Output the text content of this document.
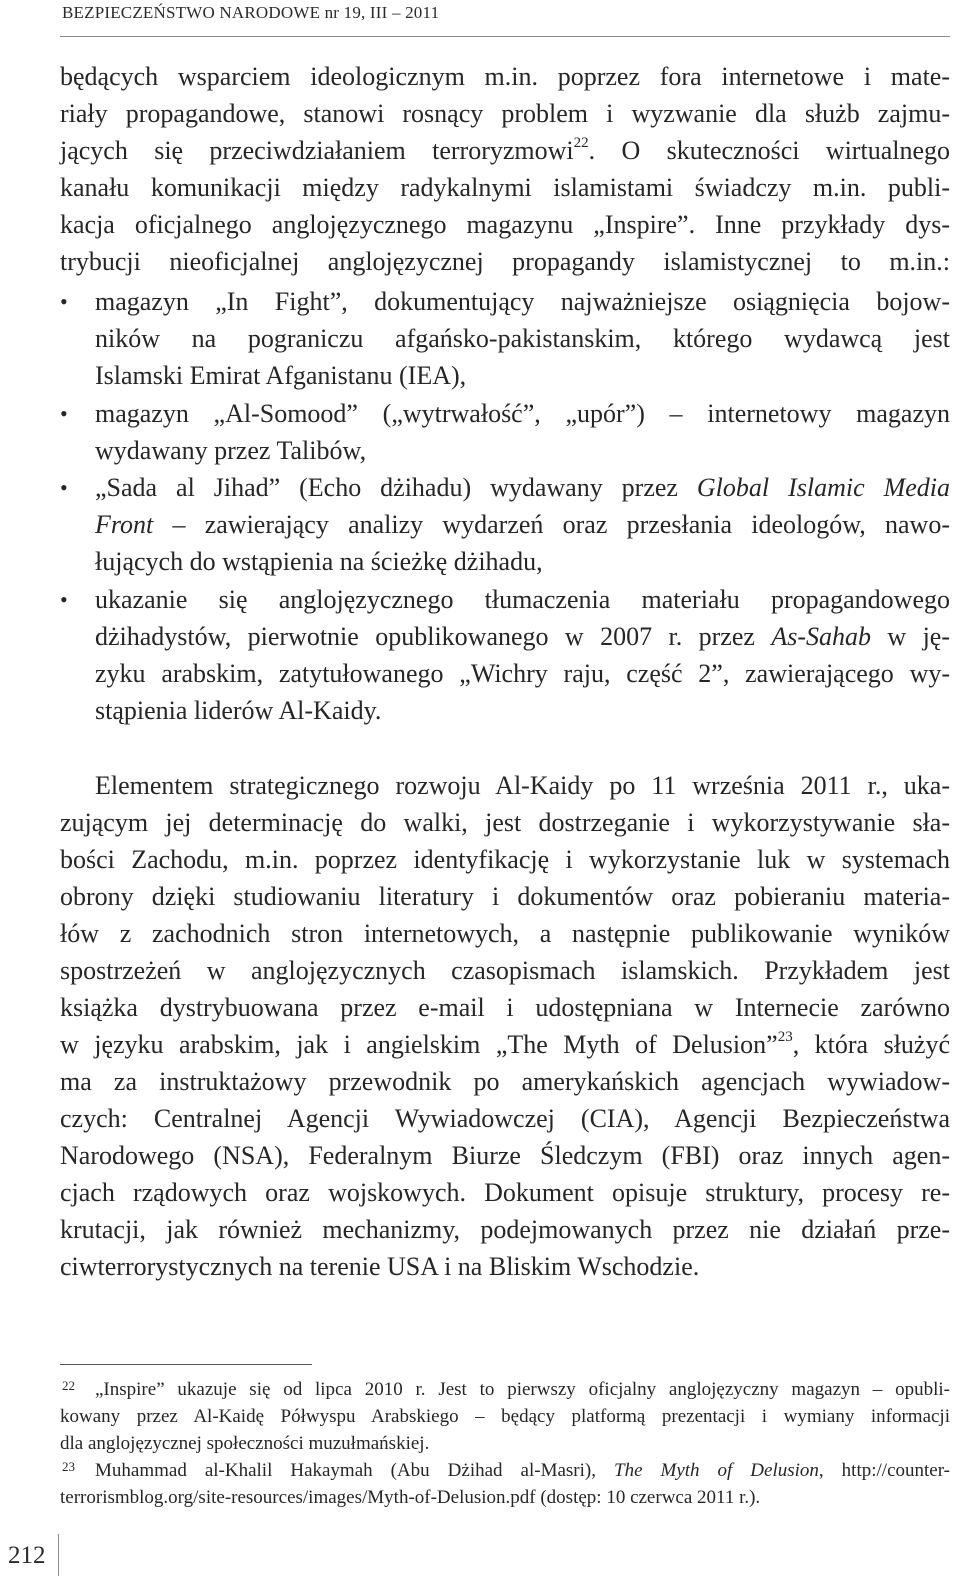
BEZPIECZEŃSTWO NARODOWE nr 19, III – 2011
będących wsparciem ideologicznym m.in. poprzez fora internetowe i mate-
riały propagandowe, stanowi rosnący problem i wyzwanie dla służb zajmu-
jących się przeciwdziałaniem terroryzmowi$^{22}$. O skuteczności wirtualnego
kanału komunikacji między radykalnymi islamistami świadczy m.in. publi-
kacja oficjalnego anglojęzycznego magazynu „Inspire”. Inne przykłady dys-
trybucji nieoficjalnej anglojęzycznej propagandy islamistycznej to m.in.:
•	magazyn „In Fight”, dokumentujący najważniejsze osiągnięcia bojow-
ników na pograniczu afgańsko-pakistanskim, którego wydawcą jest
Islamski Emirat Afganistanu (IEA),
•	magazyn „Al-Somood” („wytrwałość”, „upór”) – internetowy magazyn
wydawany przez Talibów,
•	„Sada al Jihad” (Echo dżihadu) wydawany przez Global Islamic Media
Front – zawierający analizy wydarzeń oraz przesłania ideologów, nawo-
łujących do wstąpienia na ścieżkę dżihadu,
•	ukazanie się anglojęzycznego tłumaczenia materiału propagandowego
dżihadystów, pierwotnie opublikowanego w 2007 r. przez As-Sahab w ję-
zyku arabskim, zatytułowanego „Wichry raju, część 2”, zawierającego wy-
stąpienia liderów Al-Kaidy.
Elementem strategicznego rozwoju Al-Kaidy po 11 września 2011 r., uka-
zującym jej determinację do walki, jest dostrzeganie i wykorzystywanie sła-
bości Zachodu, m.in. poprzez identyfikację i wykorzystanie luk w systemach
obrony dzięki studiowaniu literatury i dokumentów oraz pobieraniu materia-
łów z zachodnich stron internetowych, a następnie publikowanie wyników
spostrzeżeń w anglojęzycznych czasopismach islamskich. Przykładem jest
książka dystrybuowana przez e-mail i udostępniana w Internecie zarówno
w języku arabskim, jak i angielskim „The Myth of Delusion”$^{23}$, która służyć
ma za instruktażowy przewodnik po amerykańskich agencjach wywiadow-
czych: Centralnej Agencji Wywiadowczej (CIA), Agencji Bezpieczeństwa
Narodowego (NSA), Federalnym Biurze Śledczym (FBI) oraz innych agen-
cjach rządowych oraz wojskowych. Dokument opisuje struktury, procesy re-
krutacji, jak również mechanizmy, podejmowanych przez nie działań prze-
ciwterrorystycznych na terenie USA i na Bliskim Wschodzie.
22 „Inspire” ukazuje się od lipca 2010 r. Jest to pierwszy oficjalny anglojęzyczny magazyn – opubli-
kowany przez Al-Kaidę Półwyspu Arabskiego – będący platformą prezentacji i wymiany informacji
dla anglojęzycznej społeczności muzułmańskiej.
23 Muhammad al-Khalil Hakaymah (Abu Dżihad al-Masri), The Myth of Delusion, http://counter-
terrorismblog.org/site-resources/images/Myth-of-Delusion.pdf (dostęp: 10 czerwca 2011 r.).
212
